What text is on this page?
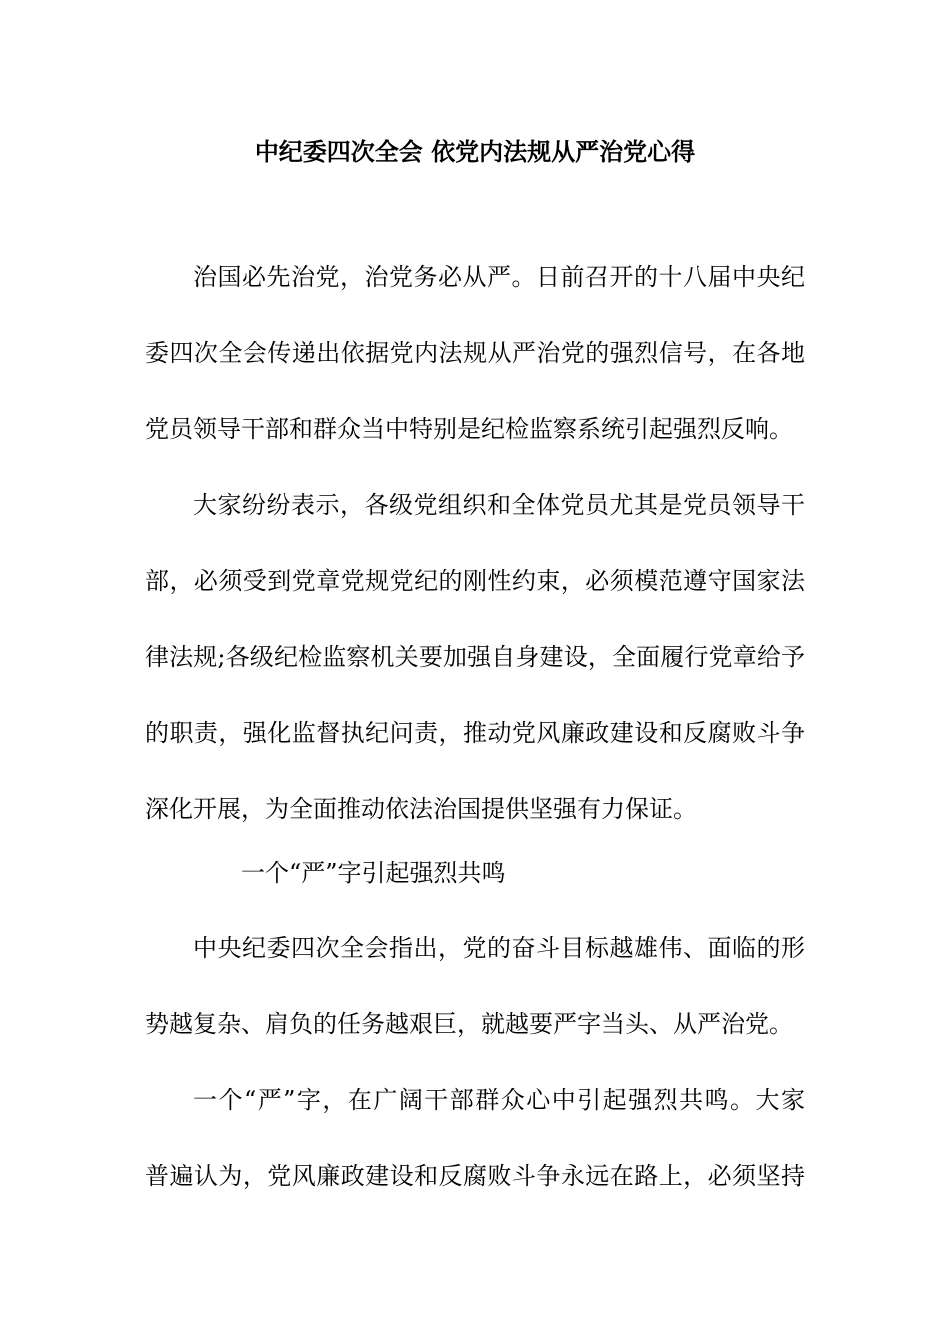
中纪委四次全会 依党内法规从严治党心得
治国必先治党，治党务必从严。日前召开的十八届中央纪
委四次全会传递出依据党内法规从严治党的强烈信号，在各地
党员领导干部和群众当中特别是纪检监察系统引起强烈反响。
大家纷纷表示，各级党组织和全体党员尤其是党员领导干
部，必须受到党章党规党纪的刚性约束，必须模范遵守国家法
律法规;各级纪检监察机关要加强自身建设，全面履行党章给予
的职责，强化监督执纪问责，推动党风廉政建设和反腐败斗争
深化开展，为全面推动依法治国提供坚强有力保证。
一个“严”字引起强烈共鸣
中央纪委四次全会指出，党的奋斗目标越雄伟、面临的形
势越复杂、肩负的任务越艰巨，就越要严字当头、从严治党。
一个“严”字，在广阔干部群众心中引起强烈共鸣。大家
普遍认为，党风廉政建设和反腐败斗争永远在路上，必须坚持
